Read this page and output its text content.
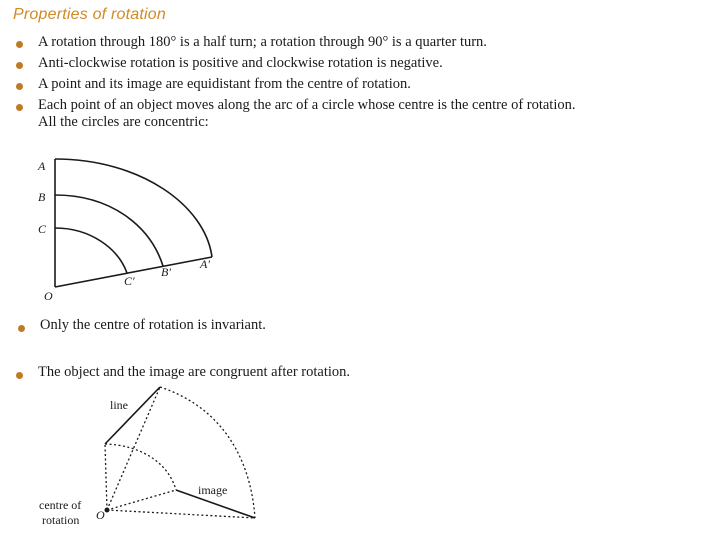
Properties of rotation
A rotation through 180° is a half turn; a rotation through 90° is a quarter turn.
Anti-clockwise rotation is positive and clockwise rotation is negative.
A point and its image are equidistant from the centre of rotation.
Each point of an object moves along the arc of a circle whose centre is the centre of rotation.
All the circles are concentric:
A
B
C
O
C′
B′
A′
Only the centre of rotation is invariant.
The object and the image are congruent after rotation.
line
image
centre of
rotation O
